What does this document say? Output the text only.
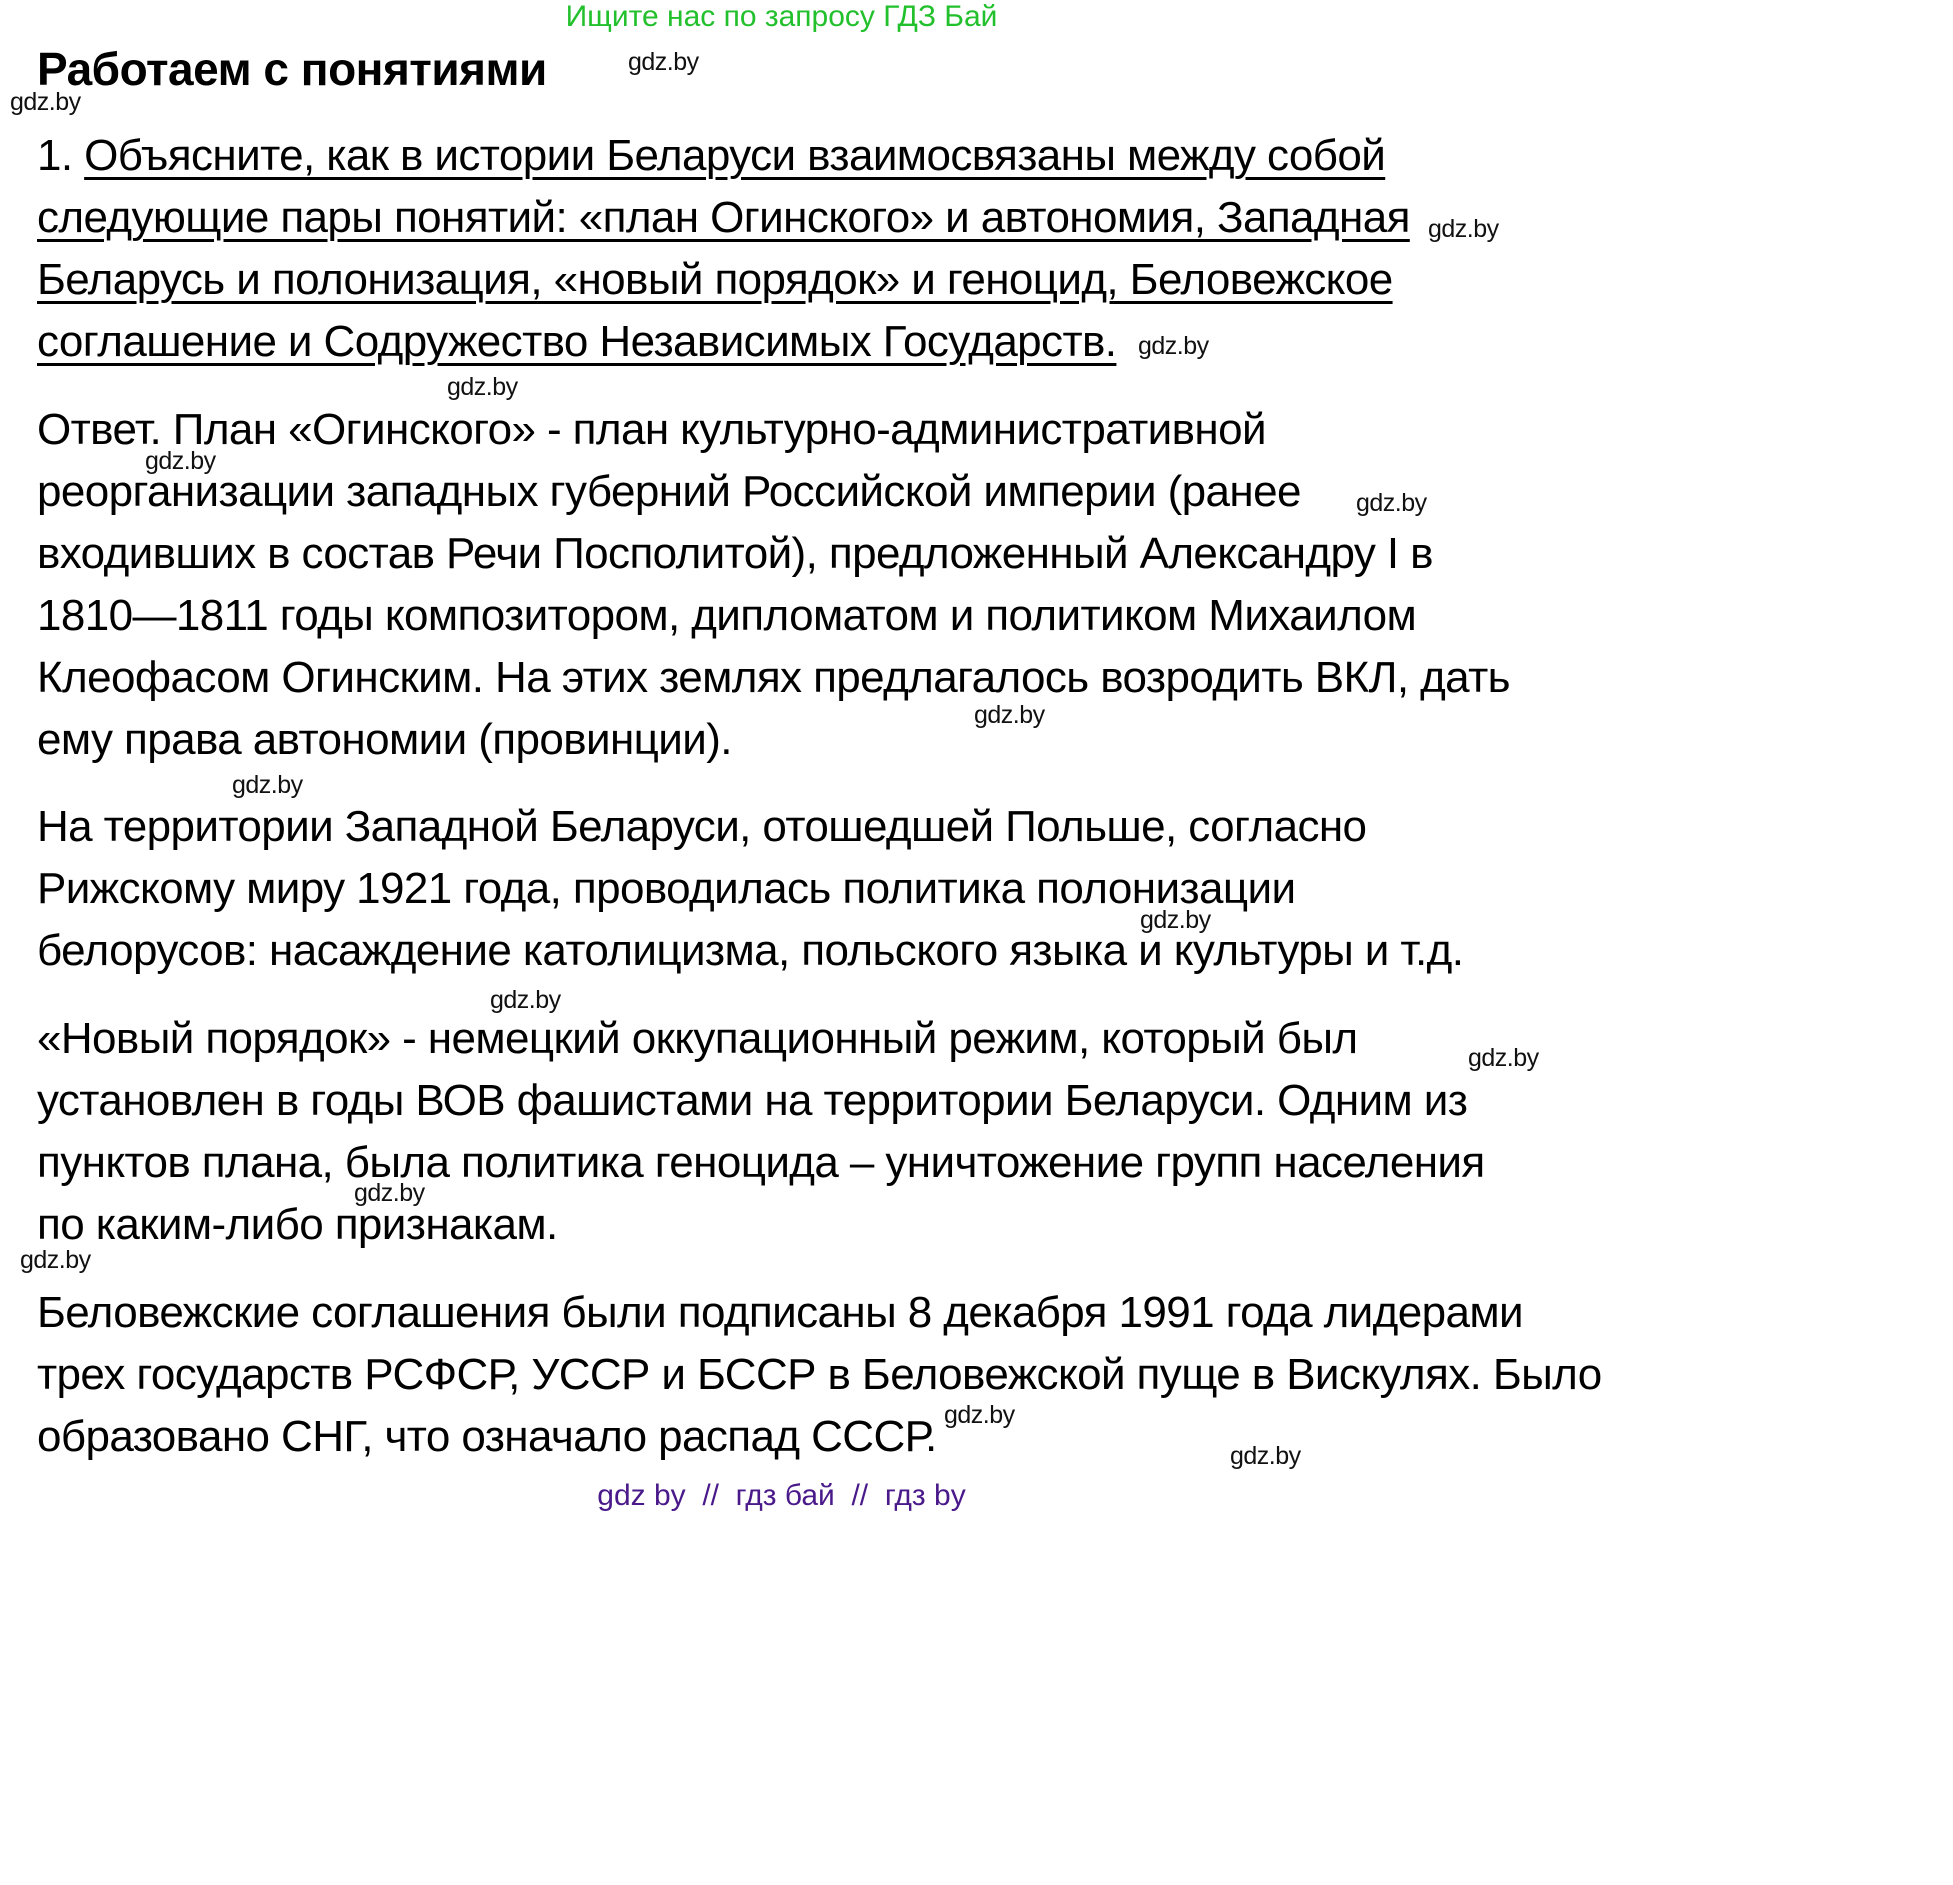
Ищите нас по запросу ГДЗ Бай
Работаем с понятиями
1. Объясните, как в истории Беларуси взаимосвязаны между собой
следующие пары понятий: «план Огинского» и автономия, Западная
Беларусь и полонизация, «новый порядок» и геноцид, Беловежское
соглашение и Содружество Независимых Государств.
Ответ. План «Огинского» - план культурно-административной
реорганизации западных губерний Российской империи (ранее
входивших в состав Речи Посполитой), предложенный Александру I в
1810—1811 годы композитором, дипломатом и политиком Михаилом
Клеофасом Огинским. На этих землях предлагалось возродить ВКЛ, дать
ему права автономии (провинции).
На территории Западной Беларуси, отошедшей Польше, согласно
Рижскому миру 1921 года, проводилась политика полонизации
белорусов: насаждение католицизма, польского языка и культуры и т.д.
«Новый порядок» - немецкий оккупационный режим, который был
установлен в годы ВОВ фашистами на территории Беларуси. Одним из
пунктов плана, была политика геноцида – уничтожение групп населения
по каким-либо признакам.
Беловежские соглашения были подписаны 8 декабря 1991 года лидерами
трех государств РСФСР, УССР и БССР в Беловежской пуще в Вискулях. Было
образовано СНГ, что означало распад СССР.
gdz.by
gdz.by
gdz.by
gdz.by
gdz.by
gdz.by
gdz.by
gdz.by
gdz.by
gdz.by
gdz.by
gdz.by
gdz.by
gdz.by
gdz.by
gdz.by
gdz by  //  гдз бай  //  гдз by
